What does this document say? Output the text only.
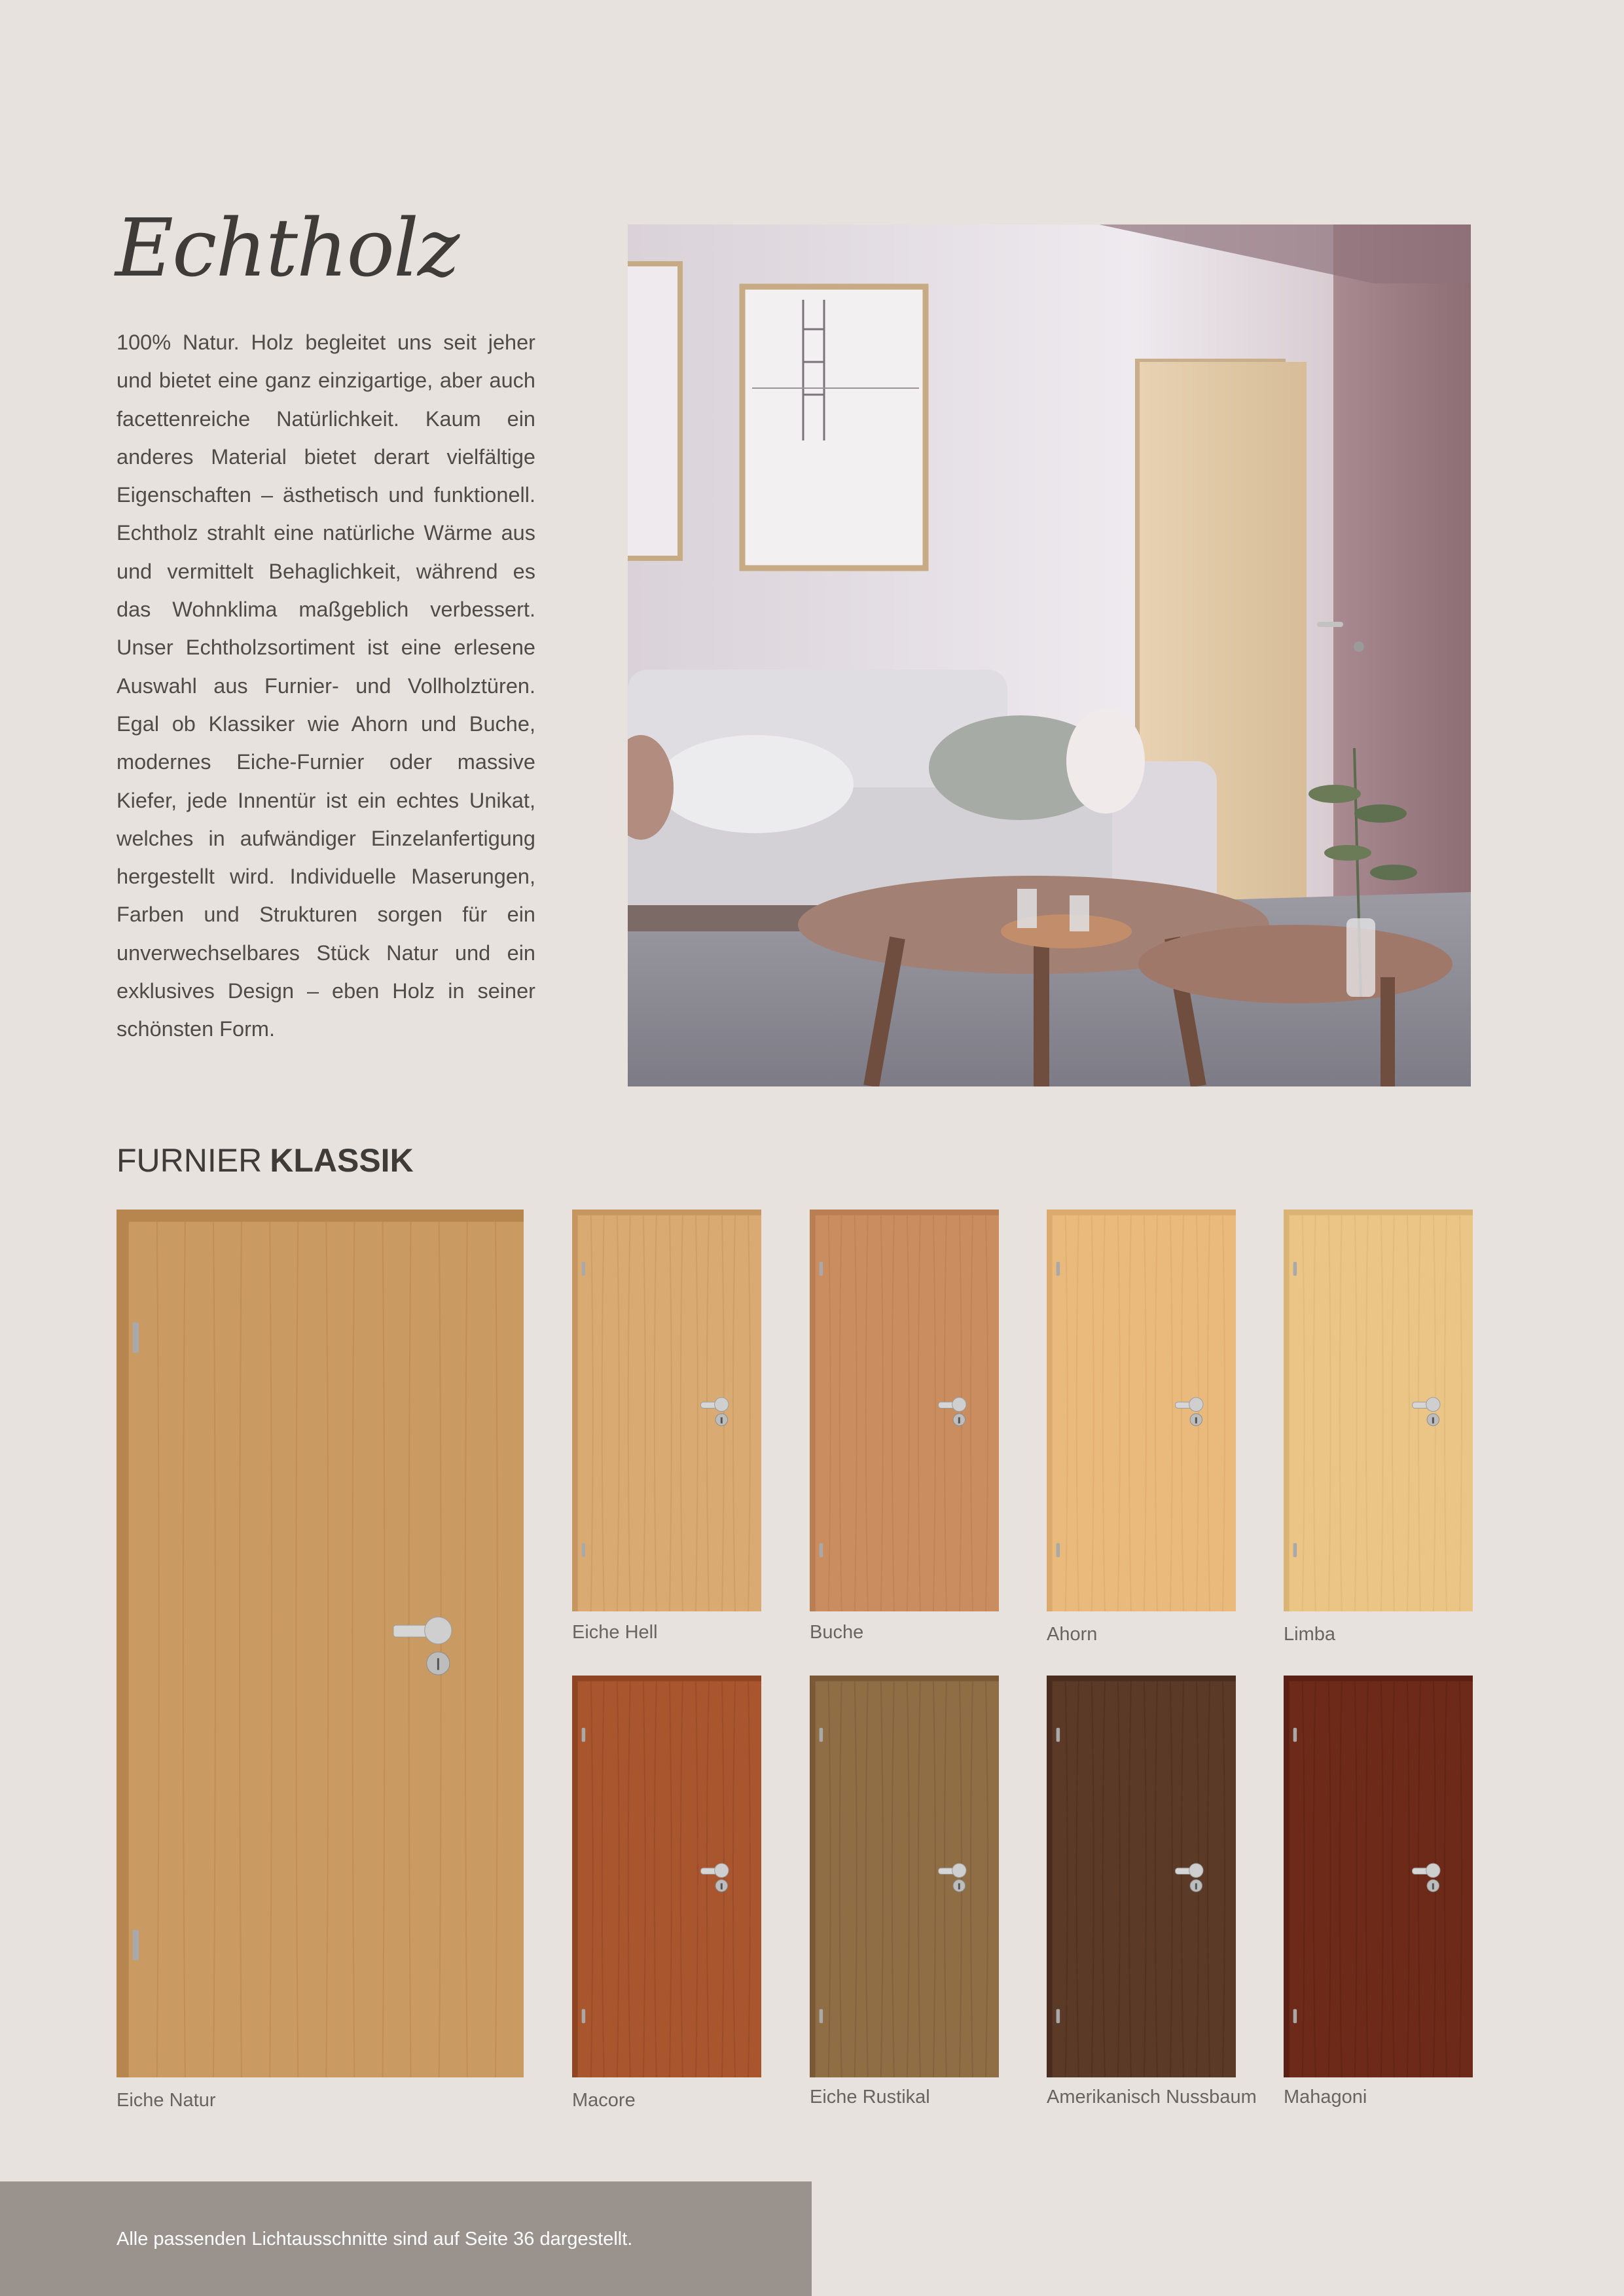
Echtholz

100% Natur. Holz begleitet uns seit jeher und bietet eine ganz einzigartige, aber auch facettenreiche Natürlichkeit. Kaum ein anderes Material bietet derart vielfältige Eigenschaften – ästhetisch und funktionell. Echtholz strahlt eine natürliche Wärme aus und vermittelt Behaglichkeit, während es das Wohnklima maßgeblich verbessert. Unser Echtholzsortiment ist eine erlesene Auswahl aus Furnier- und Vollholztüren. Egal ob Klassiker wie Ahorn und Buche, modernes Eiche-Furnier oder massive Kiefer, jede Innentür ist ein echtes Unikat, welches in aufwändiger Einzelanfertigung hergestellt wird. Individuelle Maserungen, Farben und Strukturen sorgen für ein unverwechselbares Stück Natur und ein exklusives Design – eben Holz in seiner schönsten Form.

FURNIER KLASSIK
Eiche Natur
Eiche Hell	Buche	Ahorn	Limba
Macore	Eiche Rustikal	Amerikanisch Nussbaum Mahagoni
Alle passenden Lichtausschnitte sind auf Seite 36 dargestellt.
